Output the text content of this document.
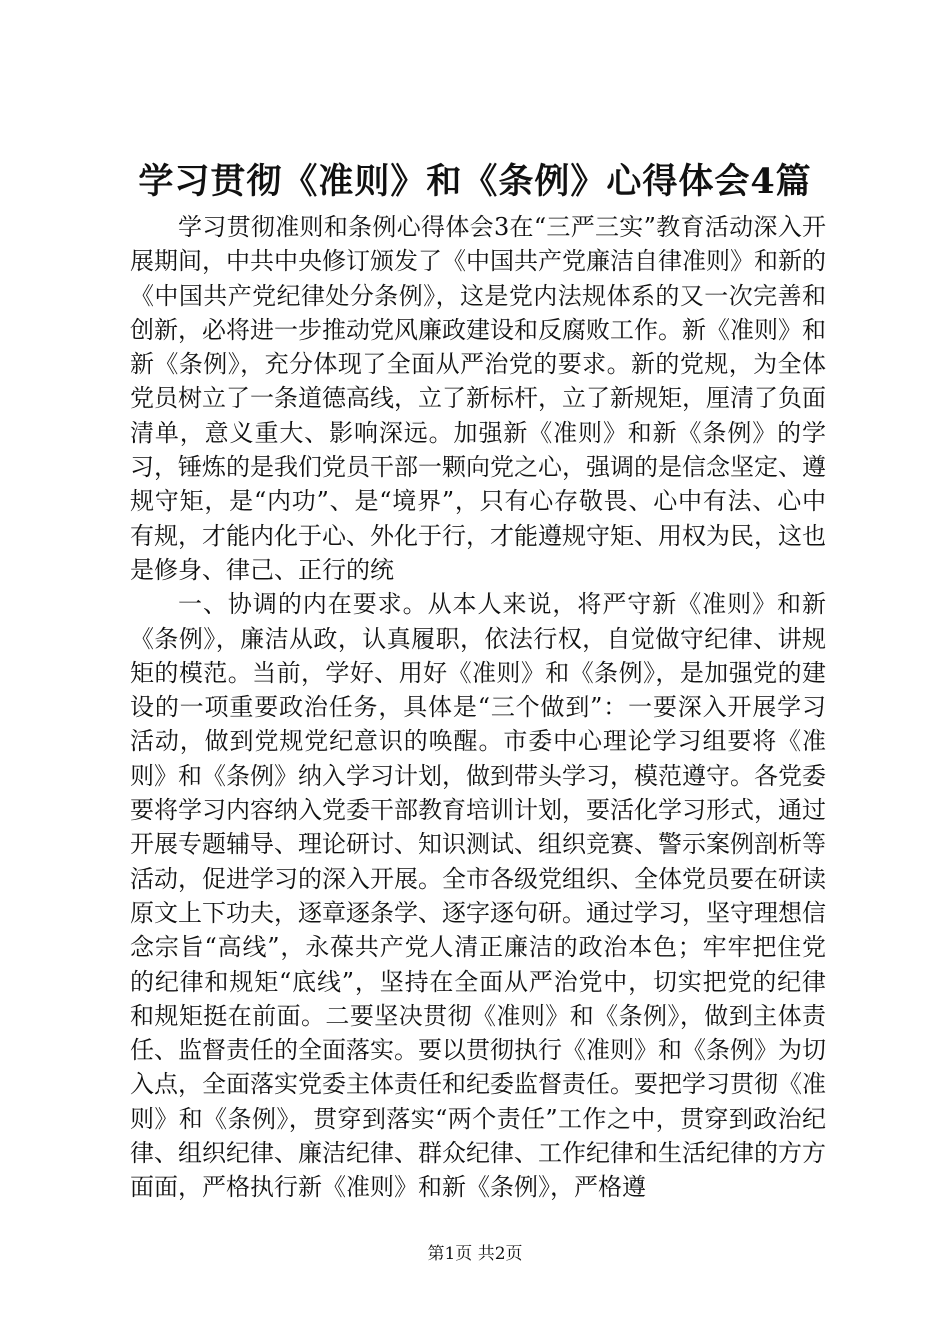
学习贯彻《准则》和《条例》心得体会4篇

学习贯彻准则和条例心得体会3在“三严三实”教育活动深入开展期间，中共中央修订颁发了《中国共产党廉洁自律准则》和新的《中国共产党纪律处分条例》，这是党内法规体系的又一次完善和创新，必将进一步推动党风廉政建设和反腐败工作。新《准则》和新《条例》，充分体现了全面从严治党的要求。新的党规，为全体党员树立了一条道德高线，立了新标杆，立了新规矩，厘清了负面清单，意义重大、影响深远。加强新《准则》和新《条例》的学习，锤炼的是我们党员干部一颗向党之心，强调的是信念坚定、遵规守矩，是“内功”、是“境界”，只有心存敬畏、心中有法、心中有规，才能内化于心、外化于行，才能遵规守矩、用权为民，这也是修身、律己、正行的统

一、协调的内在要求。从本人来说，将严守新《准则》和新《条例》，廉洁从政，认真履职，依法行权，自觉做守纪律、讲规矩的模范。当前，学好、用好《准则》和《条例》，是加强党的建设的一项重要政治任务，具体是“三个做到”：一要深入开展学习活动，做到党规党纪意识的唤醒。市委中心理论学习组要将《准则》和《条例》纳入学习计划，做到带头学习，模范遵守。各党委要将学习内容纳入党委干部教育培训计划，要活化学习形式，通过开展专题辅导、理论研讨、知识测试、组织竞赛、警示案例剖析等活动，促进学习的深入开展。全市各级党组织、全体党员要在研读原文上下功夫，逐章逐条学、逐字逐句研。通过学习，坚守理想信念宗旨“高线”，永葆共产党人清正廉洁的政治本色；牢牢把住党的纪律和规矩“底线”，坚持在全面从严治党中，切实把党的纪律和规矩挺在前面。二要坚决贯彻《准则》和《条例》，做到主体责任、监督责任的全面落实。要以贯彻执行《准则》和《条例》为切入点，全面落实党委主体责任和纪委监督责任。要把学习贯彻《准则》和《条例》，贯穿到落实“两个责任”工作之中，贯穿到政治纪律、组织纪律、廉洁纪律、群众纪律、工作纪律和生活纪律的方方面面，严格执行新《准则》和新《条例》，严格遵

第1页 共2页
